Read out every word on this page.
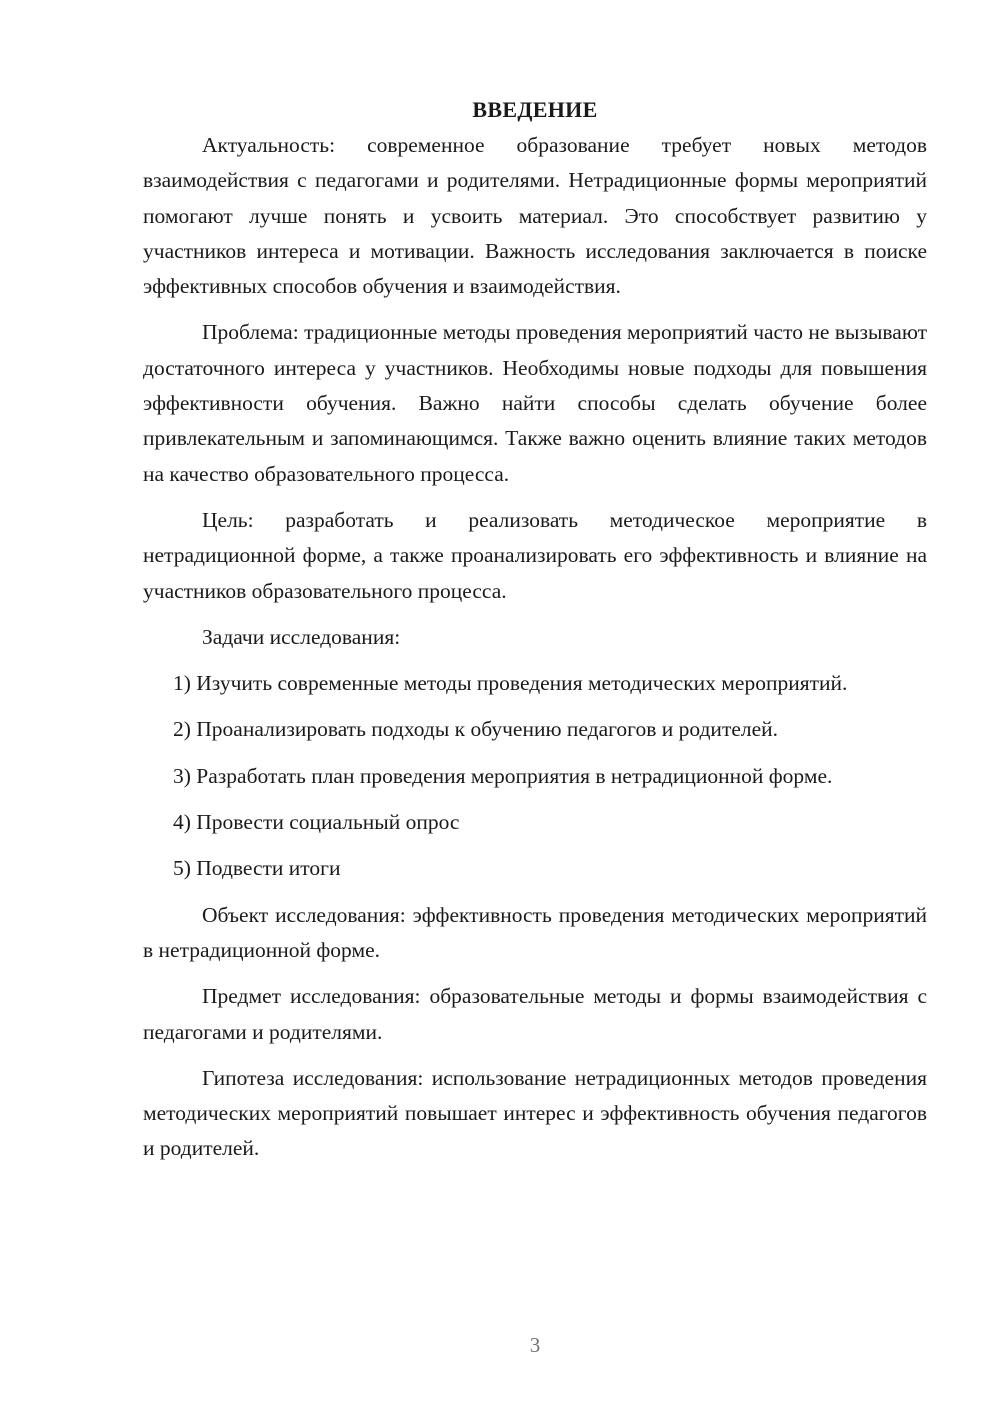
ВВЕДЕНИЕ

Актуальность: современное образование требует новых методов взаимодействия с педагогами и родителями. Нетрадиционные формы мероприятий помогают лучше понять и усвоить материал. Это способствует развитию у участников интереса и мотивации. Важность исследования заключается в поиске эффективных способов обучения и взаимодействия.

Проблема: традиционные методы проведения мероприятий часто не вызывают достаточного интереса у участников. Необходимы новые подходы для повышения эффективности обучения. Важно найти способы сделать обучение более привлекательным и запоминающимся. Также важно оценить влияние таких методов на качество образовательного процесса.

Цель: разработать и реализовать методическое мероприятие в нетрадиционной форме, а также проанализировать его эффективность и влияние на участников образовательного процесса.

Задачи исследования:

1) Изучить современные методы проведения методических мероприятий.

2) Проанализировать подходы к обучению педагогов и родителей.

3) Разработать план проведения мероприятия в нетрадиционной форме.

4) Провести социальный опрос

5) Подвести итоги

Объект исследования: эффективность проведения методических мероприятий в нетрадиционной форме.

Предмет исследования: образовательные методы и формы взаимодействия с педагогами и родителями.

Гипотеза исследования: использование нетрадиционных методов проведения методических мероприятий повышает интерес и эффективность обучения педагогов и родителей.

3
